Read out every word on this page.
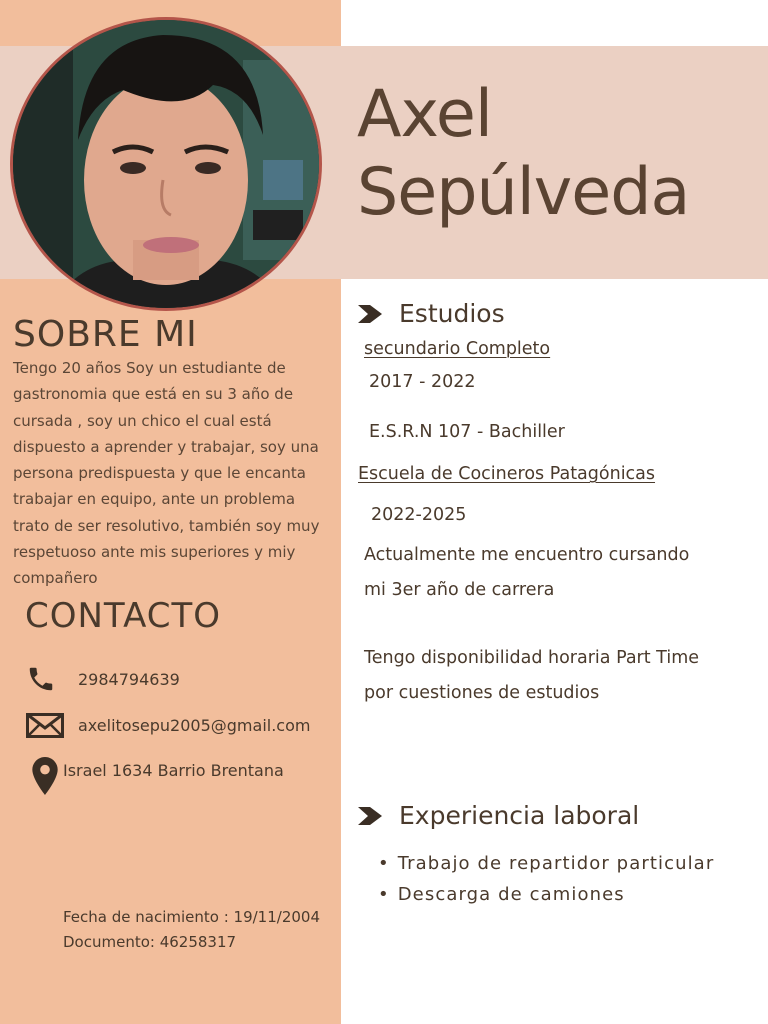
Axel
Sepúlveda
SOBRE MI
Tengo 20 años Soy un estudiante de
gastronomia que está en su 3 año de
cursada , soy un chico el cual está
dispuesto a aprender y trabajar, soy una
persona predispuesta y que le encanta
trabajar en equipo, ante un problema
trato de ser resolutivo, también soy muy
respetuoso ante mis superiores y miy
compañero
CONTACTO
2984794639
axelitosepu2005@gmail.com
Israel 1634 Barrio Brentana
Fecha de nacimiento : 19/11/2004
Documento: 46258317
Estudios
secundario Completo
2017 - 2022
E.S.R.N 107 - Bachiller
Escuela de Cocineros Patagónicas
2022-2025
Actualmente me encuentro cursando
mi 3er año de carrera
Tengo disponibilidad horaria Part Time
por cuestiones de estudios
Experiencia laboral
• Trabajo de repartidor particular
• Descarga de camiones
